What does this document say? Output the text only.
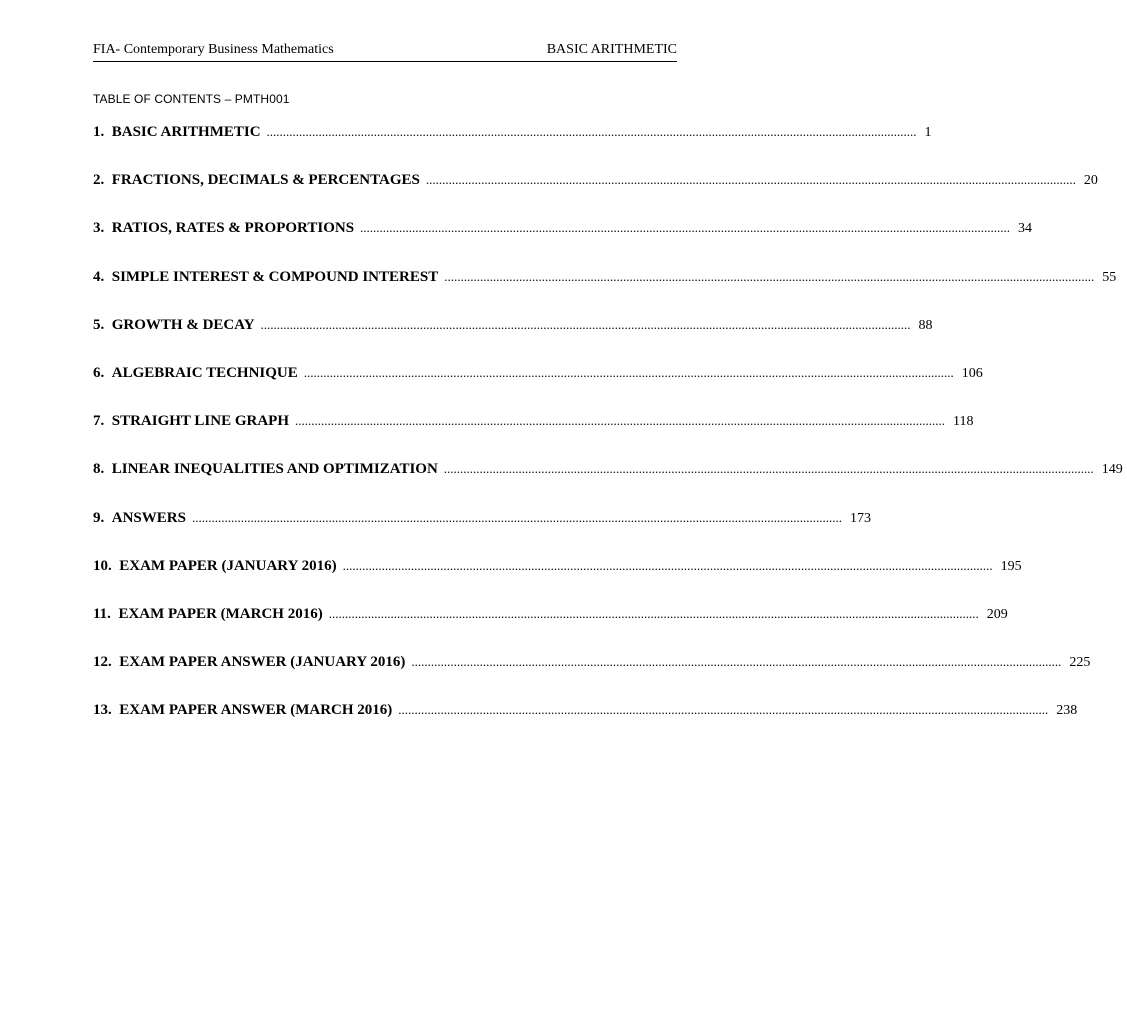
FIA- Contemporary Business Mathematics	BASIC ARITHMETIC
TABLE OF CONTENTS – PMTH001
1. BASIC ARITHMETIC ........................................................................................................................................................................................................ 1
2. FRACTIONS, DECIMALS & PERCENTAGES ........................................................................................................................................................................................................ 20
3. RATIOS, RATES & PROPORTIONS ........................................................................................................................................................................................................ 34
4. SIMPLE INTEREST & COMPOUND INTEREST ........................................................................................................................................................................................................ 55
5. GROWTH & DECAY ........................................................................................................................................................................................................ 88
6. ALGEBRAIC TECHNIQUE ........................................................................................................................................................................................................ 106
7. STRAIGHT LINE GRAPH ........................................................................................................................................................................................................ 118
8. LINEAR INEQUALITIES AND OPTIMIZATION ........................................................................................................................................................................................................ 149
9. ANSWERS ........................................................................................................................................................................................................ 173
10. EXAM PAPER (JANUARY 2016) ........................................................................................................................................................................................................ 195
11. EXAM PAPER (MARCH 2016) ........................................................................................................................................................................................................ 209
12. EXAM PAPER ANSWER (JANUARY 2016) ........................................................................................................................................................................................................ 225
13. EXAM PAPER ANSWER (MARCH 2016) ........................................................................................................................................................................................................ 238
